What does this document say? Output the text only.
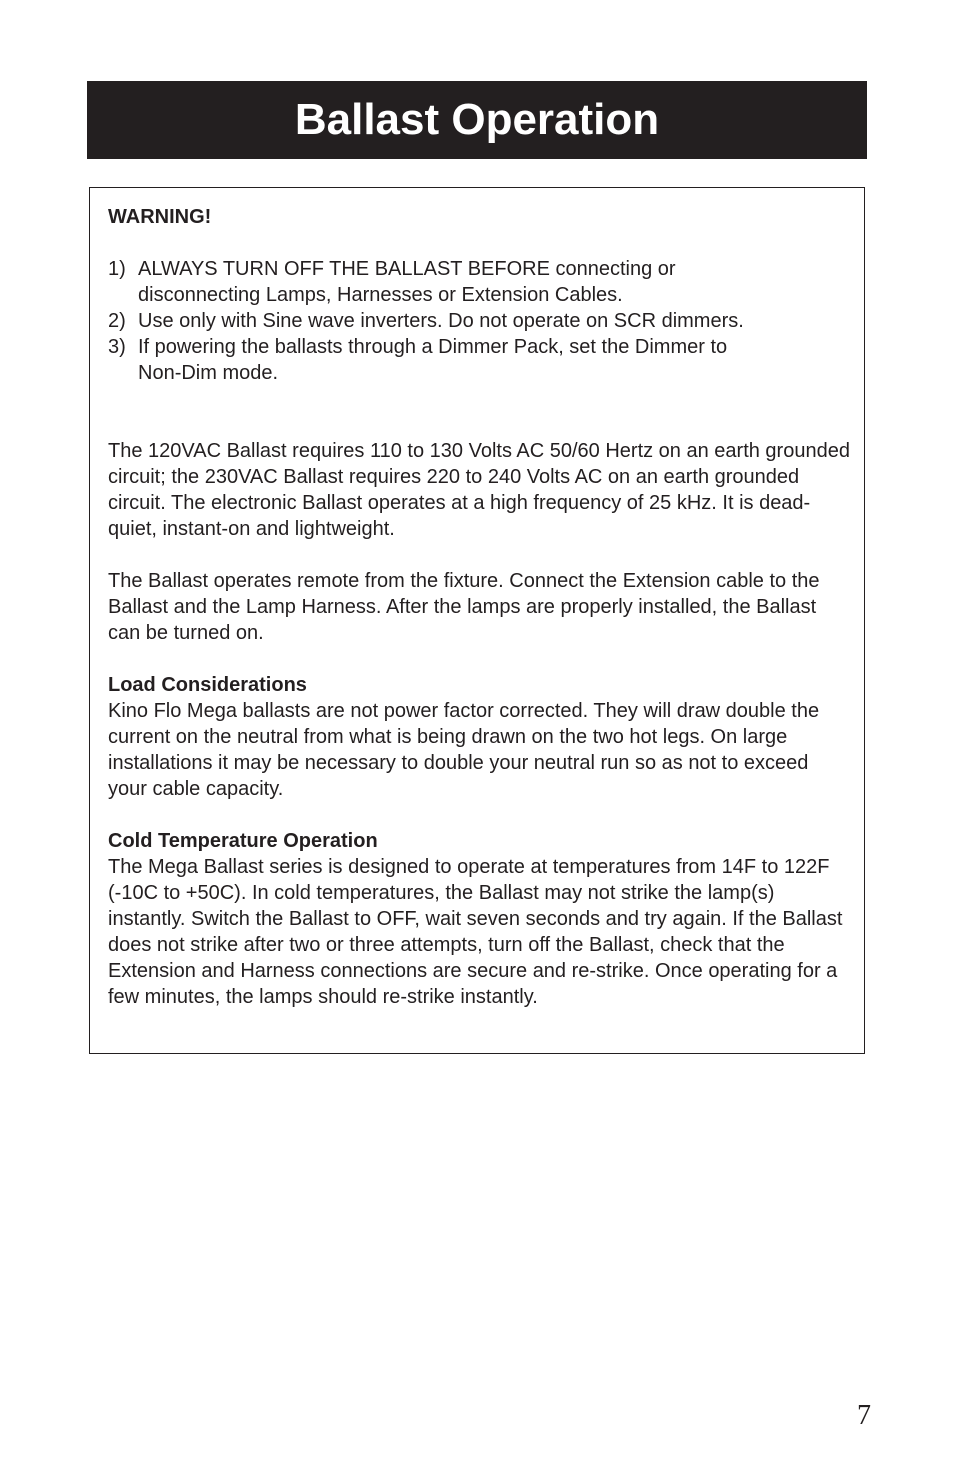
Ballast Operation

WARNING!

1) ALWAYS TURN OFF THE BALLAST BEFORE connecting or disconnecting Lamps, Harnesses or Extension Cables.
2) Use only with Sine wave inverters. Do not operate on SCR dimmers.
3) If powering the ballasts through a Dimmer Pack, set the Dimmer to Non-Dim mode.

The 120VAC Ballast requires 110 to 130 Volts AC 50/60 Hertz on an earth grounded circuit; the 230VAC Ballast requires 220 to 240 Volts AC on an earth grounded circuit. The electronic Ballast operates at a high frequency of 25 kHz. It is dead-quiet, instant-on and lightweight.

The Ballast operates remote from the fixture. Connect the Extension cable to the Ballast and the Lamp Harness. After the lamps are properly installed, the Ballast can be turned on.

Load Considerations

Kino Flo Mega ballasts are not power factor corrected. They will draw double the current on the neutral from what is being drawn on the two hot legs. On large installations it may be necessary to double your neutral run so as not to exceed your cable capacity.

Cold Temperature Operation

The Mega Ballast series is designed to operate at temperatures from 14F to 122F (-10C to +50C). In cold temperatures, the Ballast may not strike the lamp(s) instantly. Switch the Ballast to OFF, wait seven seconds and try again. If the Ballast does not strike after two or three attempts, turn off the Ballast, check that the Extension and Harness connections are secure and re-strike. Once operating for a few minutes, the lamps should re-strike instantly.

7
